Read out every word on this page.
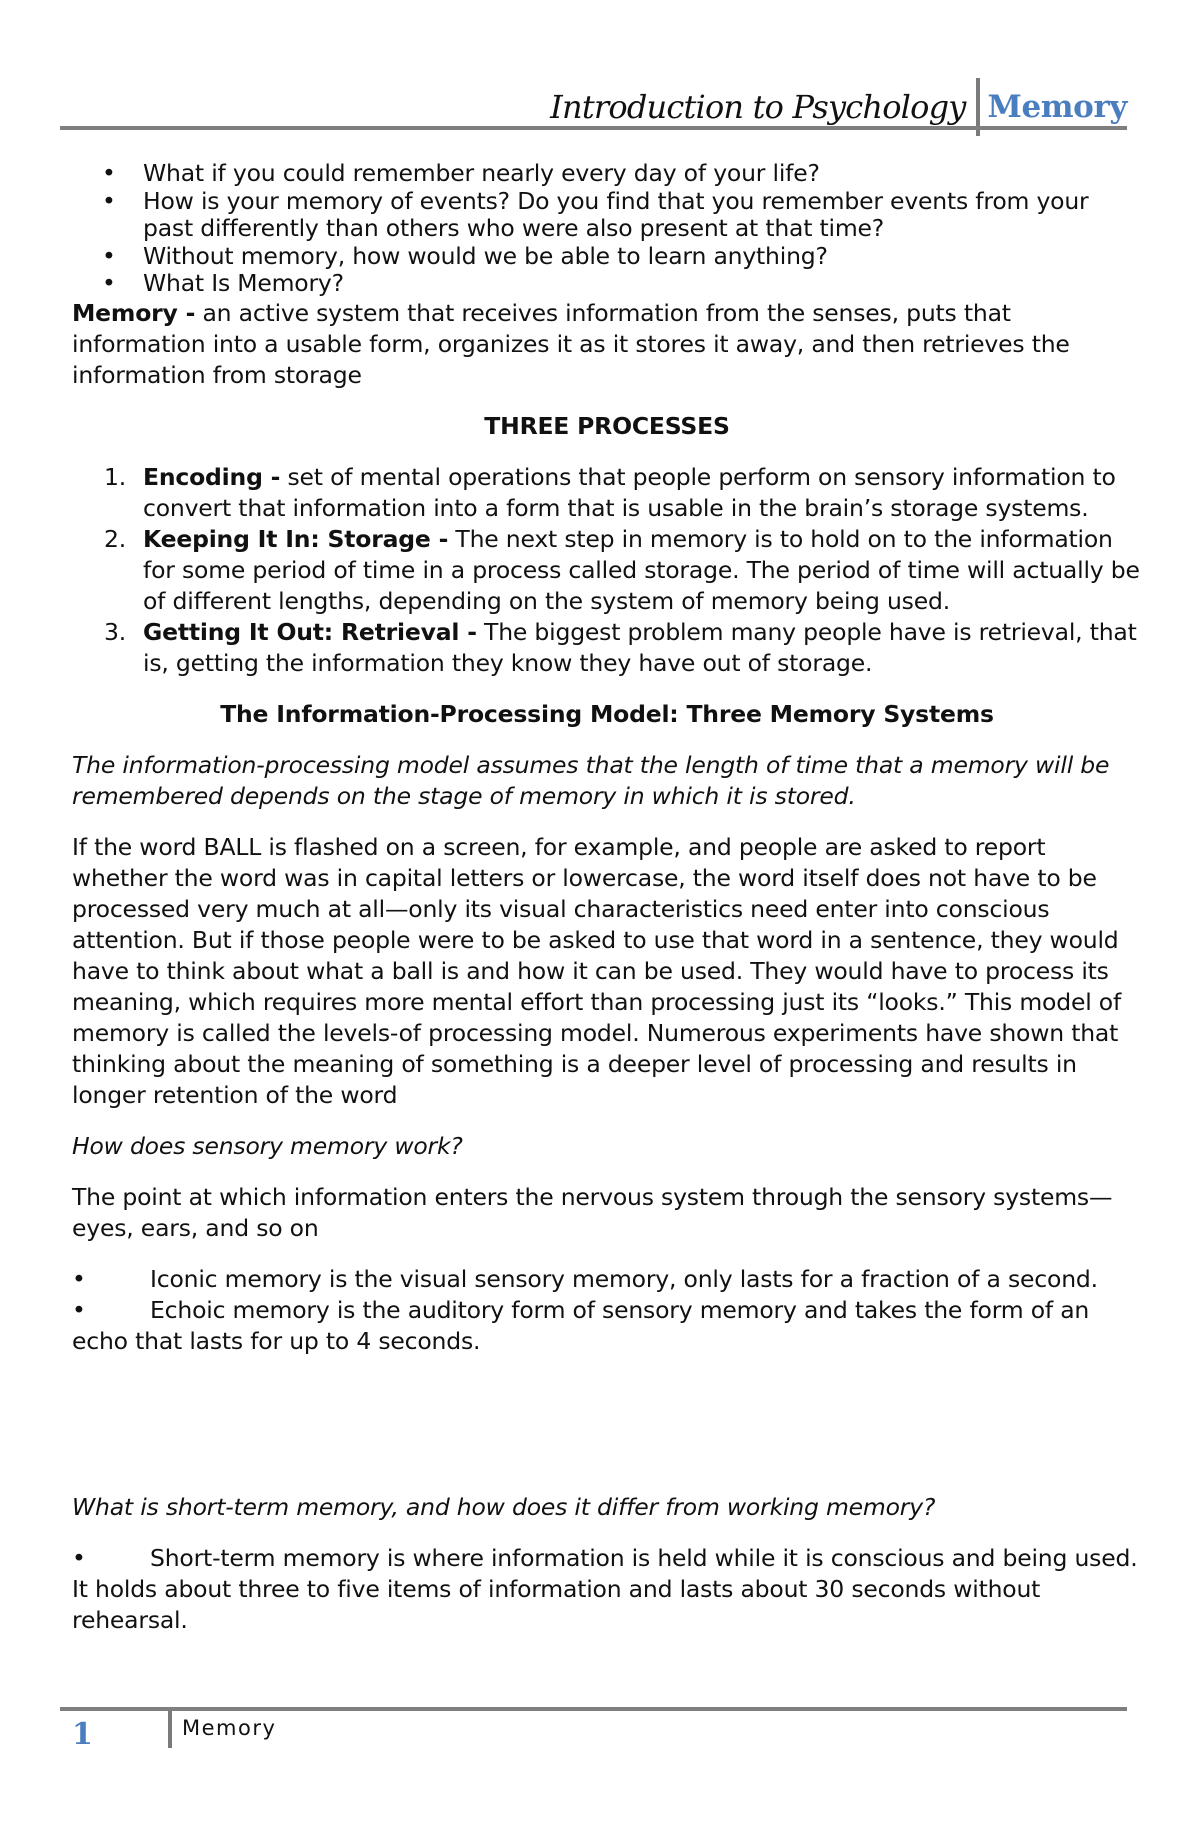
Introduction to Psychology Memory
• What if you could remember nearly every day of your life?
• How is your memory of events? Do you find that you remember events from your past differently than others who were also present at that time?
• Without memory, how would we be able to learn anything?
• What Is Memory?

Memory - an active system that receives information from the senses, puts that information into a usable form, organizes it as it stores it away, and then retrieves the information from storage

THREE PROCESSES

1. Encoding - set of mental operations that people perform on sensory information to convert that information into a form that is usable in the brain’s storage systems.
2. Keeping It In: Storage - The next step in memory is to hold on to the information for some period of time in a process called storage. The period of time will actually be of different lengths, depending on the system of memory being used.
3. Getting It Out: Retrieval - The biggest problem many people have is retrieval, that is, getting the information they know they have out of storage.

The Information-Processing Model: Three Memory Systems

The information-processing model assumes that the length of time that a memory will be remembered depends on the stage of memory in which it is stored.

If the word BALL is flashed on a screen, for example, and people are asked to report whether the word was in capital letters or lowercase, the word itself does not have to be processed very much at all—only its visual characteristics need enter into conscious attention. But if those people were to be asked to use that word in a sentence, they would have to think about what a ball is and how it can be used. They would have to process its meaning, which requires more mental effort than processing just its “looks.” This model of memory is called the levels-of processing model. Numerous experiments have shown that thinking about the meaning of something is a deeper level of processing and results in longer retention of the word

How does sensory memory work?

The point at which information enters the nervous system through the sensory systems—eyes, ears, and so on

•	Iconic memory is the visual sensory memory, only lasts for a fraction of a second.

•	Echoic memory is the auditory form of sensory memory and takes the form of an echo that lasts for up to 4 seconds.

What is short-term memory, and how does it differ from working memory?

•	Short-term memory is where information is held while it is conscious and being used. It holds about three to five items of information and lasts about 30 seconds without rehearsal.

1	Memory
